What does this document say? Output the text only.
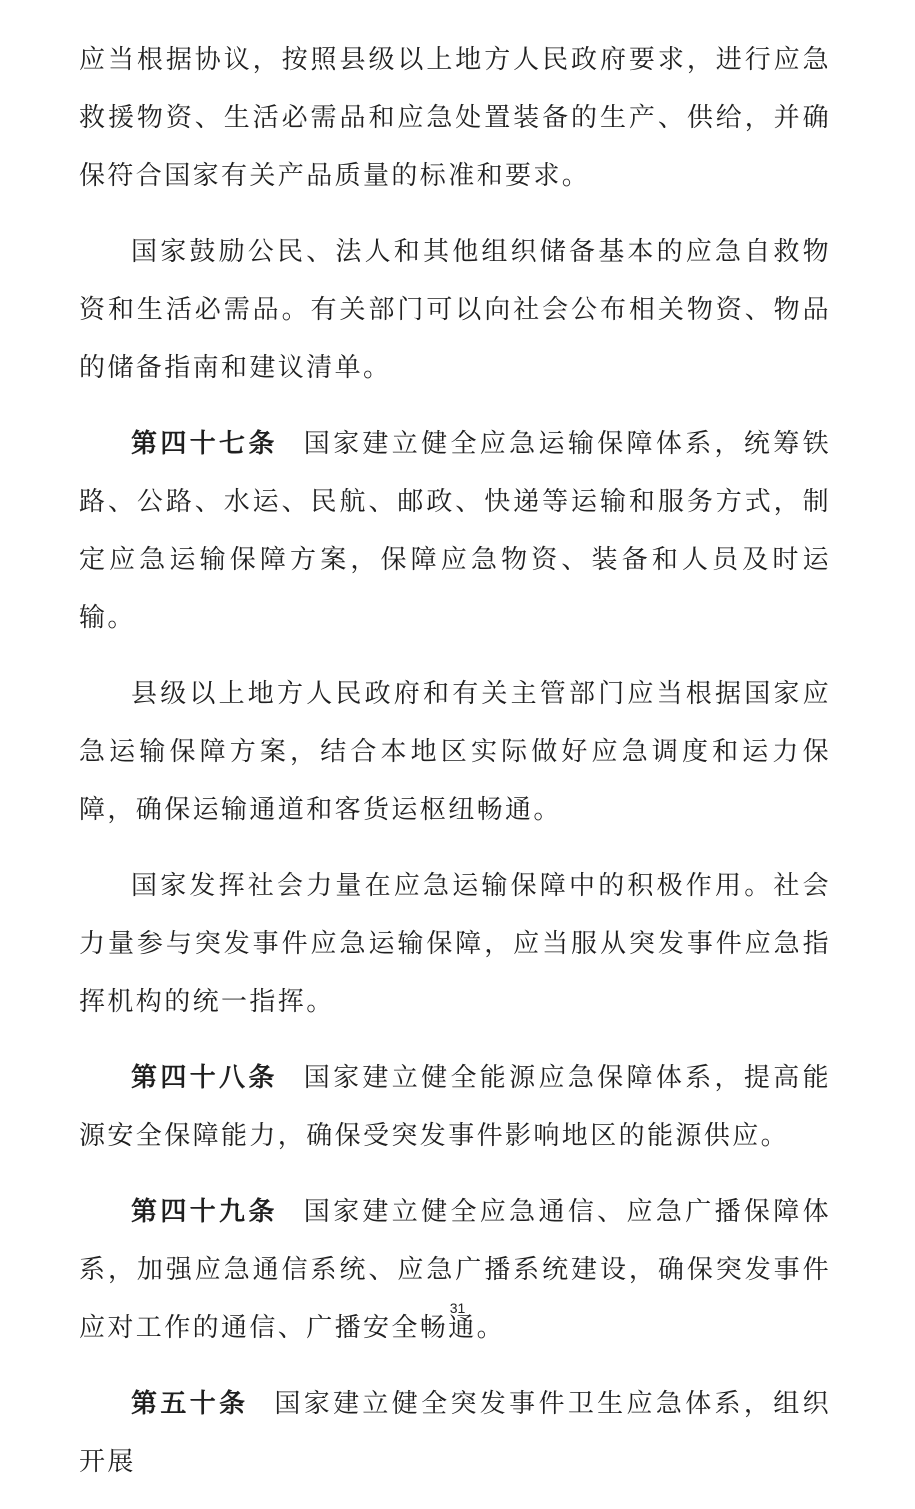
应当根据协议，按照县级以上地方人民政府要求，进行应急救援物资、生活必需品和应急处置装备的生产、供给，并确保符合国家有关产品质量的标准和要求。

国家鼓励公民、法人和其他组织储备基本的应急自救物资和生活必需品。有关部门可以向社会公布相关物资、物品的储备指南和建议清单。

第四十七条 国家建立健全应急运输保障体系，统筹铁路、公路、水运、民航、邮政、快递等运输和服务方式，制定应急运输保障方案，保障应急物资、装备和人员及时运输。

县级以上地方人民政府和有关主管部门应当根据国家应急运输保障方案，结合本地区实际做好应急调度和运力保障，确保运输通道和客货运枢纽畅通。

国家发挥社会力量在应急运输保障中的积极作用。社会力量参与突发事件应急运输保障，应当服从突发事件应急指挥机构的统一指挥。

第四十八条 国家建立健全能源应急保障体系，提高能源安全保障能力，确保受突发事件影响地区的能源供应。

第四十九条 国家建立健全应急通信、应急广播保障体系，加强应急通信系统、应急广播系统建设，确保突发事件应对工作的通信、广播安全畅通。

第五十条 国家建立健全突发事件卫生应急体系，组织开展

31
